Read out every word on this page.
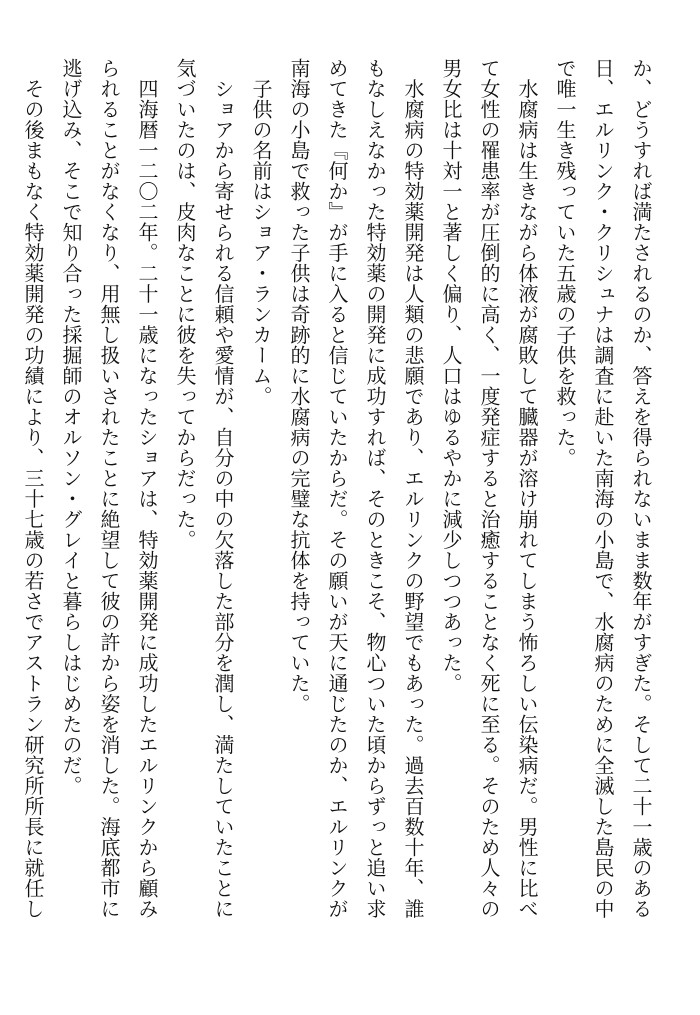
か、どうすれば満たされるのか、答えを得られないまま数年がすぎた。そして二十一歳のある
日、エルリンク・クリシュナは調査に赴いた南海の小島で、水腐病のために全滅した島民の中
で唯一生き残っていた五歳の子供を救った。
　水腐病は生きながら体液が腐敗して臓器が溶け崩れてしまう怖ろしい伝染病だ。男性に比べ
て女性の罹患率が圧倒的に高く、一度発症すると治癒することなく死に至る。そのため人々の
男女比は十対一と著しく偏り、人口はゆるやかに減少しつつあった。
　水腐病の特効薬開発は人類の悲願であり、エルリンクの野望でもあった。過去百数十年、誰
もなしえなかった特効薬の開発に成功すれば、そのときこそ、物心ついた頃からずっと追い求
めてきた『何か』が手に入ると信じていたからだ。その願いが天に通じたのか、エルリンクが
南海の小島で救った子供は奇跡的に水腐病の完璧な抗体を持っていた。
　子供の名前はショア・ランカーム。
　ショアから寄せられる信頼や愛情が、自分の中の欠落した部分を潤し、満たしていたことに
気づいたのは、皮肉なことに彼を失ってからだった。
　四海暦一二〇二年。二十一歳になったショアは、特効薬開発に成功したエルリンクから顧み
られることがなくなり、用無し扱いされたことに絶望して彼の許から姿を消した。海底都市に
逃げ込み、そこで知り合った採掘師のオルソン・グレイと暮らしはじめたのだ。
　その後まもなく特効薬開発の功績により、三十七歳の若さでアストラン研究所所長に就任し
